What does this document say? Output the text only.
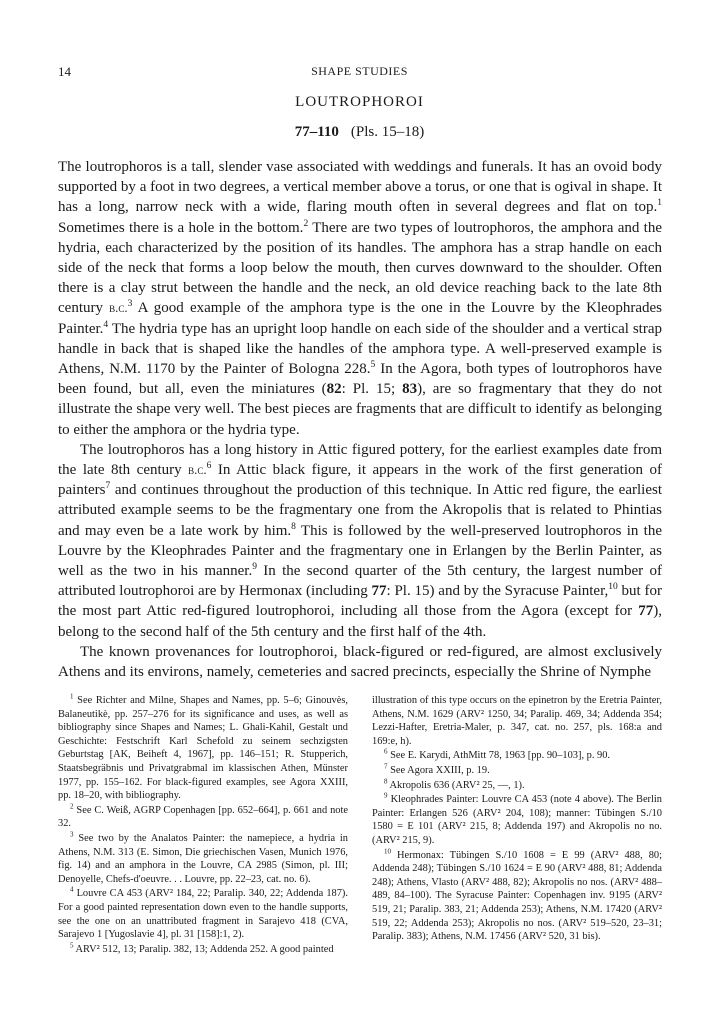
14	SHAPE STUDIES
LOUTROPHOROI
77–110 (Pls. 15–18)

The loutrophoros is a tall, slender vase associated with weddings and funerals. It has an ovoid body supported by a foot in two degrees, a vertical member above a torus, or one that is ogival in shape. It has a long, narrow neck with a wide, flaring mouth often in several degrees and flat on top.$^1$ Sometimes there is a hole in the bottom.$^2$ There are two types of loutrophoros, the amphora and the hydria, each characterized by the position of its handles. The amphora has a strap handle on each side of the neck that forms a loop below the mouth, then curves downward to the shoulder. Often there is a clay strut between the handle and the neck, an old device reaching back to the late 8th century b.c.$^3$ A good example of the amphora type is the one in the Louvre by the Kleophrades Painter.$^4$ The hydria type has an upright loop handle on each side of the shoulder and a vertical strap handle in back that is shaped like the handles of the amphora type. A well-preserved example is Athens, N.M. 1170 by the Painter of Bologna 228.$^5$ In the Agora, both types of loutrophoros have been found, but all, even the miniatures (82: Pl. 15; 83), are so fragmentary that they do not illustrate the shape very well. The best pieces are fragments that are difficult to identify as belonging to either the amphora or the hydria type.

The loutrophoros has a long history in Attic figured pottery, for the earliest examples date from the late 8th century b.c.$^6$ In Attic black figure, it appears in the work of the first generation of painters$^7$ and continues throughout the production of this technique. In Attic red figure, the earliest attributed example seems to be the fragmentary one from the Akropolis that is related to Phintias and may even be a late work by him.$^8$ This is followed by the well-preserved loutrophoros in the Louvre by the Kleophrades Painter and the fragmentary one in Erlangen by the Berlin Painter, as well as the two in his manner.$^9$ In the second quarter of the 5th century, the largest number of attributed loutrophoroi are by Hermonax (including 77: Pl. 15) and by the Syracuse Painter,$^{10}$ but for the most part Attic red-figured loutrophoroi, including all those from the Agora (except for 77), belong to the second half of the 5th century and the first half of the 4th.

The known provenances for loutrophoroi, black-figured or red-figured, are almost exclusively Athens and its environs, namely, cemeteries and sacred precincts, especially the Shrine of Nymphe

$^1$ See Richter and Milne, Shapes and Names, pp. 5–6; Ginouvès, Balaneutikè, pp. 257–276 for its significance and uses, as well as bibliography since Shapes and Names; L. Ghali-Kahil, Gestalt und Geschichte: Festschrift Karl Schefold zu seinem sechzigsten Geburtstag [AK, Beiheft 4, 1967], pp. 146–151; R. Stupperich, Staatsbegräbnis und Privatgrabmal im klassischen Athen, Münster 1977, pp. 155–162. For black-figured examples, see Agora XXIII, pp. 18–20, with bibliography.

$^2$ See C. Weiß, AGRP Copenhagen [pp. 652–664], p. 661 and note 32.

$^3$ See two by the Analatos Painter: the namepiece, a hydria in Athens, N.M. 313 (E. Simon, Die griechischen Vasen, Munich 1976, fig. 14) and an amphora in the Louvre, CA 2985 (Simon, pl. III; Denoyelle, Chefs-d'oeuvre. . . Louvre, pp. 22–23, cat. no. 6).

$^4$ Louvre CA 453 (ARV² 184, 22; Paralip. 340, 22; Addenda 187). For a good painted representation down even to the handle supports, see the one on an unattributed fragment in Sarajevo 418 (CVA, Sarajevo 1 [Yugoslavie 4], pl. 31 [158]:1, 2).

$^5$ ARV² 512, 13; Paralip. 382, 13; Addenda 252. A good painted

illustration of this type occurs on the epinetron by the Eretria Painter, Athens, N.M. 1629 (ARV² 1250, 34; Paralip. 469, 34; Addenda 354; Lezzi-Hafter, Eretria-Maler, p. 347, cat. no. 257, pls. 168:a and 169:e, h).

$^6$ See E. Karydi, AthMitt 78, 1963 [pp. 90–103], p. 90.

$^7$ See Agora XXIII, p. 19.

$^8$ Akropolis 636 (ARV² 25, —, 1).

$^9$ Kleophrades Painter: Louvre CA 453 (note 4 above). The Berlin Painter: Erlangen 526 (ARV² 204, 108); manner: Tübingen S./10 1580 = E 101 (ARV² 215, 8; Addenda 197) and Akropolis no no. (ARV² 215, 9).

$^{10}$ Hermonax: Tübingen S./10 1608 = E 99 (ARV² 488, 80; Addenda 248); Tübingen S./10 1624 = E 90 (ARV² 488, 81; Addenda 248); Athens, Vlasto (ARV² 488, 82); Akropolis no nos. (ARV² 488–489, 84–100). The Syracuse Painter: Copenhagen inv. 9195 (ARV² 519, 21; Paralip. 383, 21; Addenda 253); Athens, N.M. 17420 (ARV² 519, 22; Addenda 253); Akropolis no nos. (ARV² 519–520, 23–31; Paralip. 383); Athens, N.M. 17456 (ARV² 520, 31 bis).
